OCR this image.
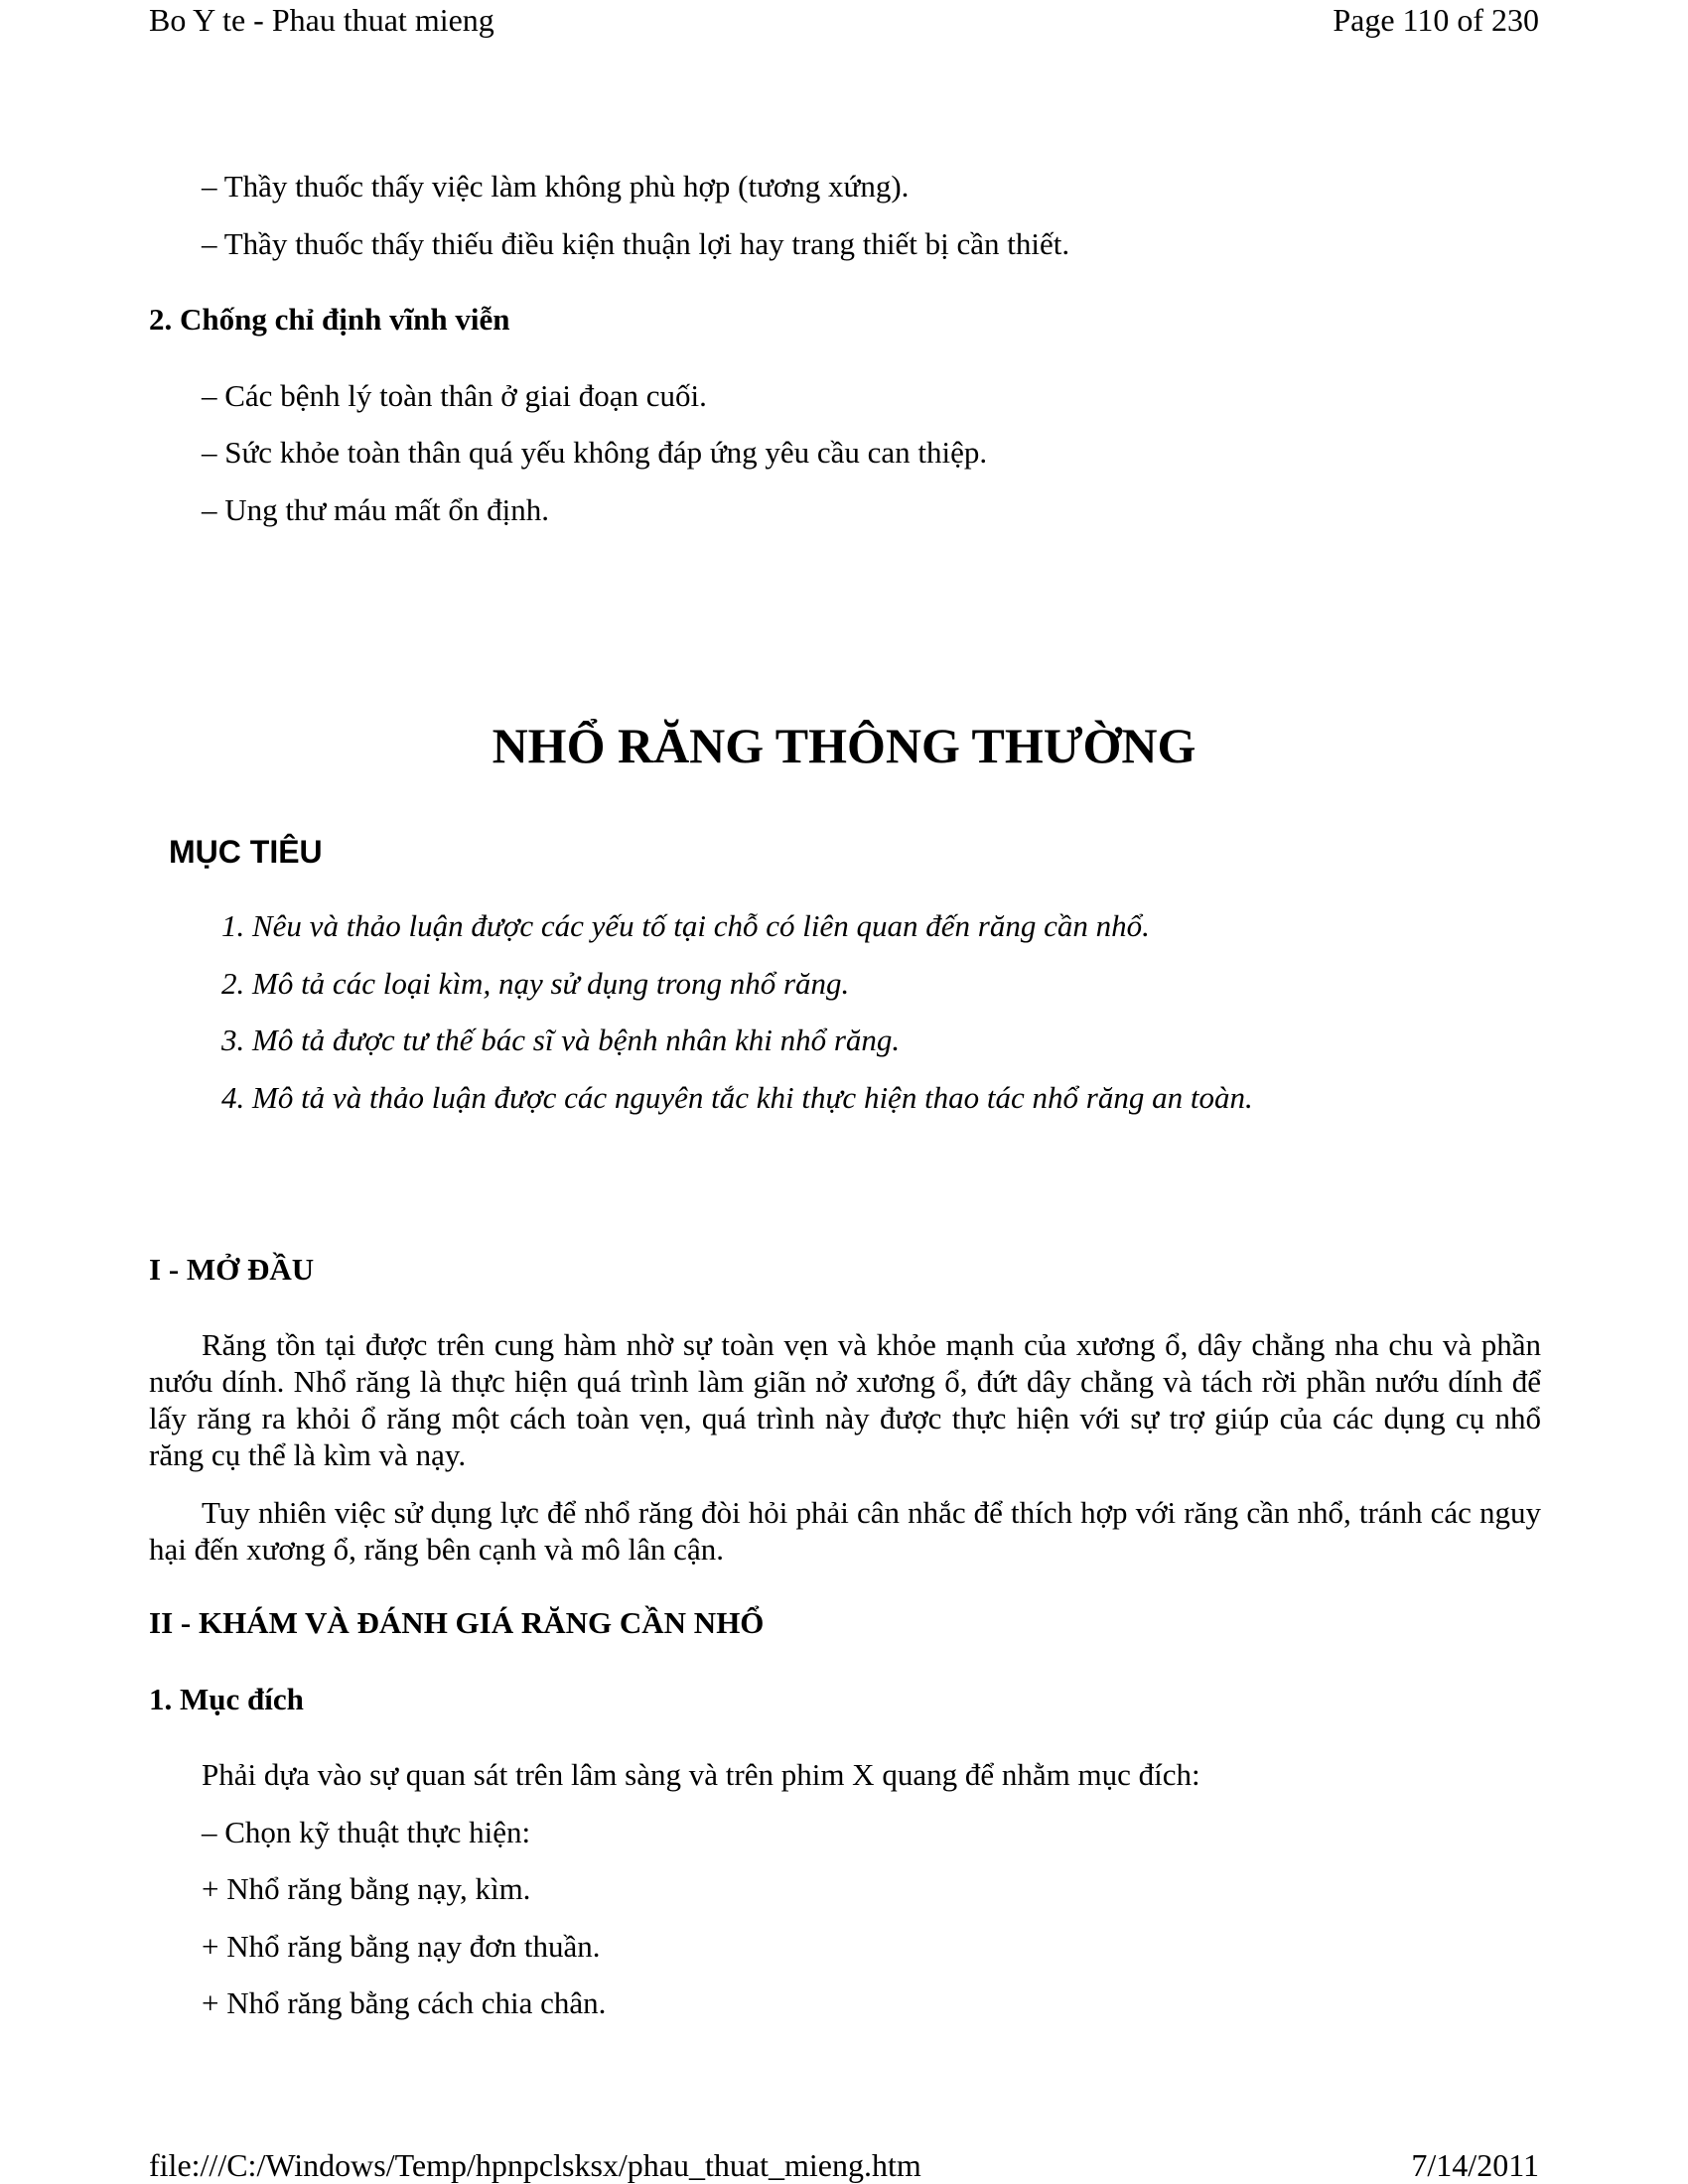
Bo Y te - Phau thuat mieng	Page 110 of 230
– Thầy thuốc thấy việc làm không phù hợp (tương xứng).
– Thầy thuốc thấy thiếu điều kiện thuận lợi hay trang thiết bị cần thiết.
2. Chống chỉ định vĩnh viễn
– Các bệnh lý toàn thân ở giai đoạn cuối.
– Sức khỏe toàn thân quá yếu không đáp ứng yêu cầu can thiệp.
– Ung thư máu mất ổn định.
NHỔ RĂNG THÔNG THƯỜNG
MỤC TIÊU
1. Nêu và thảo luận được các yếu tố tại chỗ có liên quan đến răng cần nhổ.
2. Mô tả các loại kìm, nạy sử dụng trong nhổ răng.
3. Mô tả được tư thế bác sĩ và bệnh nhân khi nhổ răng.
4. Mô tả và thảo luận được các nguyên tắc khi thực hiện thao tác nhổ răng an toàn.
I - MỞ ĐẦU
Răng tồn tại được trên cung hàm nhờ sự toàn vẹn và khỏe mạnh của xương ổ, dây chằng nha chu và phần nướu dính. Nhổ răng là thực hiện quá trình làm giãn nở xương ổ, đứt dây chằng và tách rời phần nướu dính để lấy răng ra khỏi ổ răng một cách toàn vẹn, quá trình này được thực hiện với sự trợ giúp của các dụng cụ nhổ răng cụ thể là kìm và nạy.
Tuy nhiên việc sử dụng lực để nhổ răng đòi hỏi phải cân nhắc để thích hợp với răng cần nhổ, tránh các nguy hại đến xương ổ, răng bên cạnh và mô lân cận.
II - KHÁM VÀ ĐÁNH GIÁ RĂNG CẦN NHỔ
1. Mục đích
Phải dựa vào sự quan sát trên lâm sàng và trên phim X quang để nhằm mục đích:
– Chọn kỹ thuật thực hiện:
+ Nhổ răng bằng nạy, kìm.
+ Nhổ răng bằng nạy đơn thuần.
+ Nhổ răng bằng cách chia chân.
file:///C:/Windows/Temp/hpnpclsksx/phau_thuat_mieng.htm	7/14/2011
